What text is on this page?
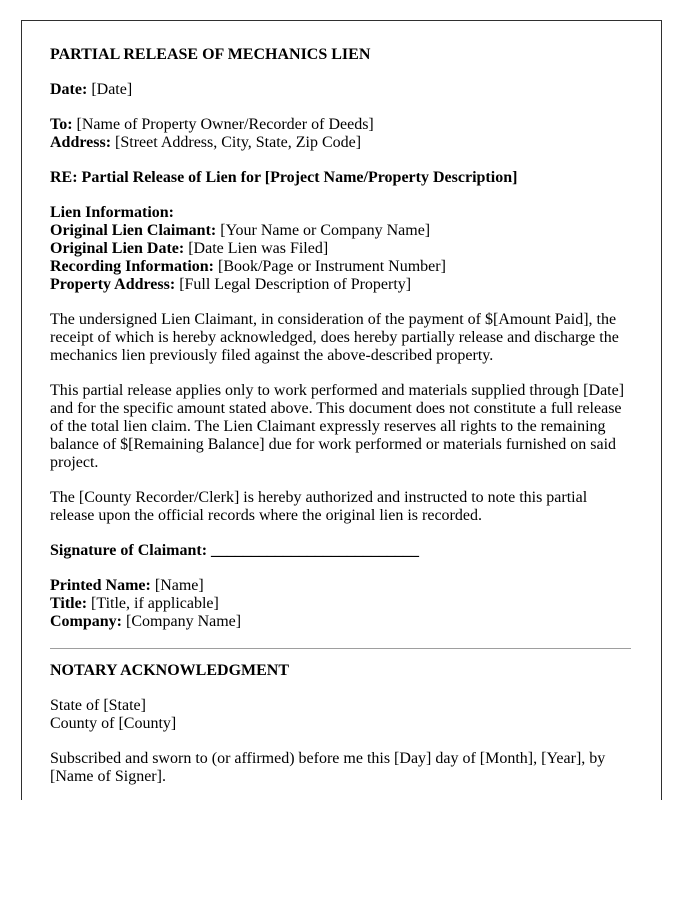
PARTIAL RELEASE OF MECHANICS LIEN
Date: [Date]
To: [Name of Property Owner/Recorder of Deeds]
Address: [Street Address, City, State, Zip Code]
RE: Partial Release of Lien for [Project Name/Property Description]
Lien Information:
Original Lien Claimant: [Your Name or Company Name]
Original Lien Date: [Date Lien was Filed]
Recording Information: [Book/Page or Instrument Number]
Property Address: [Full Legal Description of Property]

The undersigned Lien Claimant, in consideration of the payment of $[Amount Paid], the receipt of which is hereby acknowledged, does hereby partially release and discharge the mechanics lien previously filed against the above-described property.

This partial release applies only to work performed and materials supplied through [Date] and for the specific amount stated above. This document does not constitute a full release of the total lien claim. The Lien Claimant expressly reserves all rights to the remaining balance of $[Remaining Balance] due for work performed or materials furnished on said project.

The [County Recorder/Clerk] is hereby authorized and instructed to note this partial release upon the official records where the original lien is recorded.

Signature of Claimant: __________________________
Printed Name: [Name]
Title: [Title, if applicable]
Company: [Company Name]
NOTARY ACKNOWLEDGMENT
State of [State]
County of [County]

Subscribed and sworn to (or affirmed) before me this [Day] day of [Month], [Year], by [Name of Signer].
